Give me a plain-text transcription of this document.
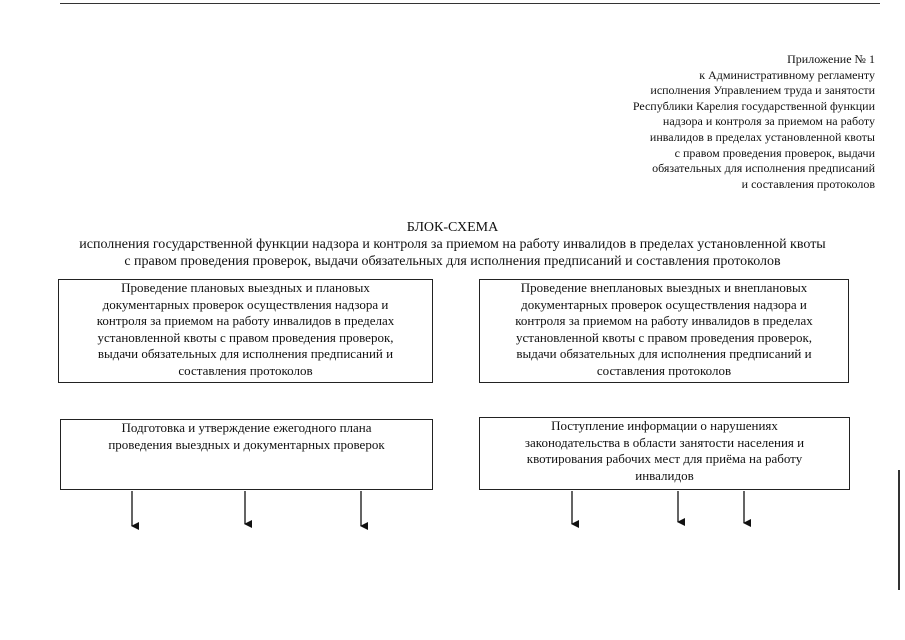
Приложение № 1
к Административному регламенту
исполнения Управлением труда и занятости
Республики Карелия государственной функции
надзора и контроля за приемом на работу
инвалидов в пределах установленной квоты
с правом проведения проверок, выдачи
обязательных для исполнения предписаний
и составления протоколов
БЛОК-СХЕМА
исполнения государственной функции надзора и контроля за приемом на работу инвалидов в пределах установленной квоты
с правом проведения проверок, выдачи обязательных для исполнения предписаний и составления протоколов
Проведение плановых выездных и плановых
документарных проверок осуществления надзора и
контроля за приемом на работу инвалидов в пределах
установленной квоты с правом проведения проверок,
выдачи обязательных для исполнения предписаний и
составления протоколов
Проведение внеплановых выездных и внеплановых
документарных проверок осуществления надзора и
контроля за приемом на работу инвалидов в пределах
установленной квоты с правом проведения проверок,
выдачи обязательных для исполнения предписаний и
составления протоколов
Подготовка и утверждение ежегодного плана
проведения выездных и документарных проверок
Поступление информации о нарушениях
законодательства в области занятости населения и
квотирования рабочих мест для приёма на работу
инвалидов
